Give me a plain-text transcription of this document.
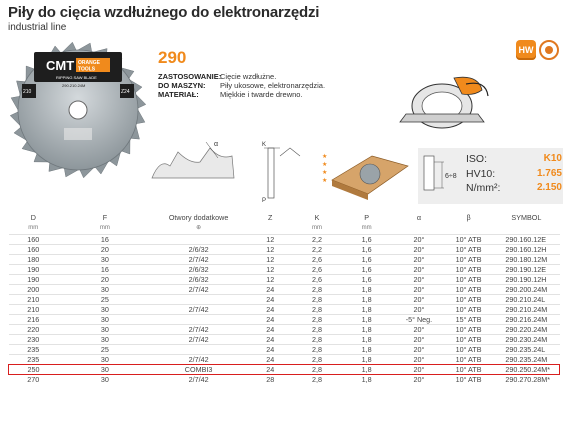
Piły do cięcia wzdłużnego do elektronarzędzi
industrial line
CMT ORANGE
TOOLS
RIPPING SAW BLADE
290.210.24M
210	Z24
290
ZASTOSOWANIE:Cięcie wzdłużne.
DO MASZYN: Piły ukosowe, elektronarzędzia.
MATERIAŁ:	Miękkie i twarde drewno.
HW
α	K
P
★
★
★
★
6÷8
ISO:	K10
HV10:	1.765
N/mm²:	2.150
D	F	Otwory dodatkowe	Z	K	P	α	β	SYMBOL
mm	mm	⊕		mm	mm			
160	16		12	2,2	1,6	20°	10° ATB	290.160.12E
160	20	2/6/32	12	2,2	1,6	20°	10° ATB	290.160.12H
180	30	2/7/42	12	2,6	1,6	20°	10° ATB	290.180.12M
190	16	2/6/32	12	2,6	1,6	20°	10° ATB	290.190.12E
190	20	2/6/32	12	2,6	1,6	20°	10° ATB	290.190.12H
200	30	2/7/42	24	2,8	1,8	20°	10° ATB	290.200.24M
210	25		24	2,8	1,8	20°	10° ATB	290.210.24L
210	30	2/7/42	24	2,8	1,8	20°	10° ATB	290.210.24M
216	30		24	2,8	1,8	-5° Neg.	15° ATB	290.216.24M
220	30	2/7/42	24	2,8	1,8	20°	10° ATB	290.220.24M
230	30	2/7/42	24	2,8	1,8	20°	10° ATB	290.230.24M
235	25		24	2,8	1,8	20°	10° ATB	290.235.24L
235	30	2/7/42	24	2,8	1,8	20°	10° ATB	290.235.24M
250	30	COMBI3	24	2,8	1,8	20°	10° ATB	290.250.24M*
270	30	2/7/42	28	2,8	1,8	20°	10° ATB	290.270.28M*
